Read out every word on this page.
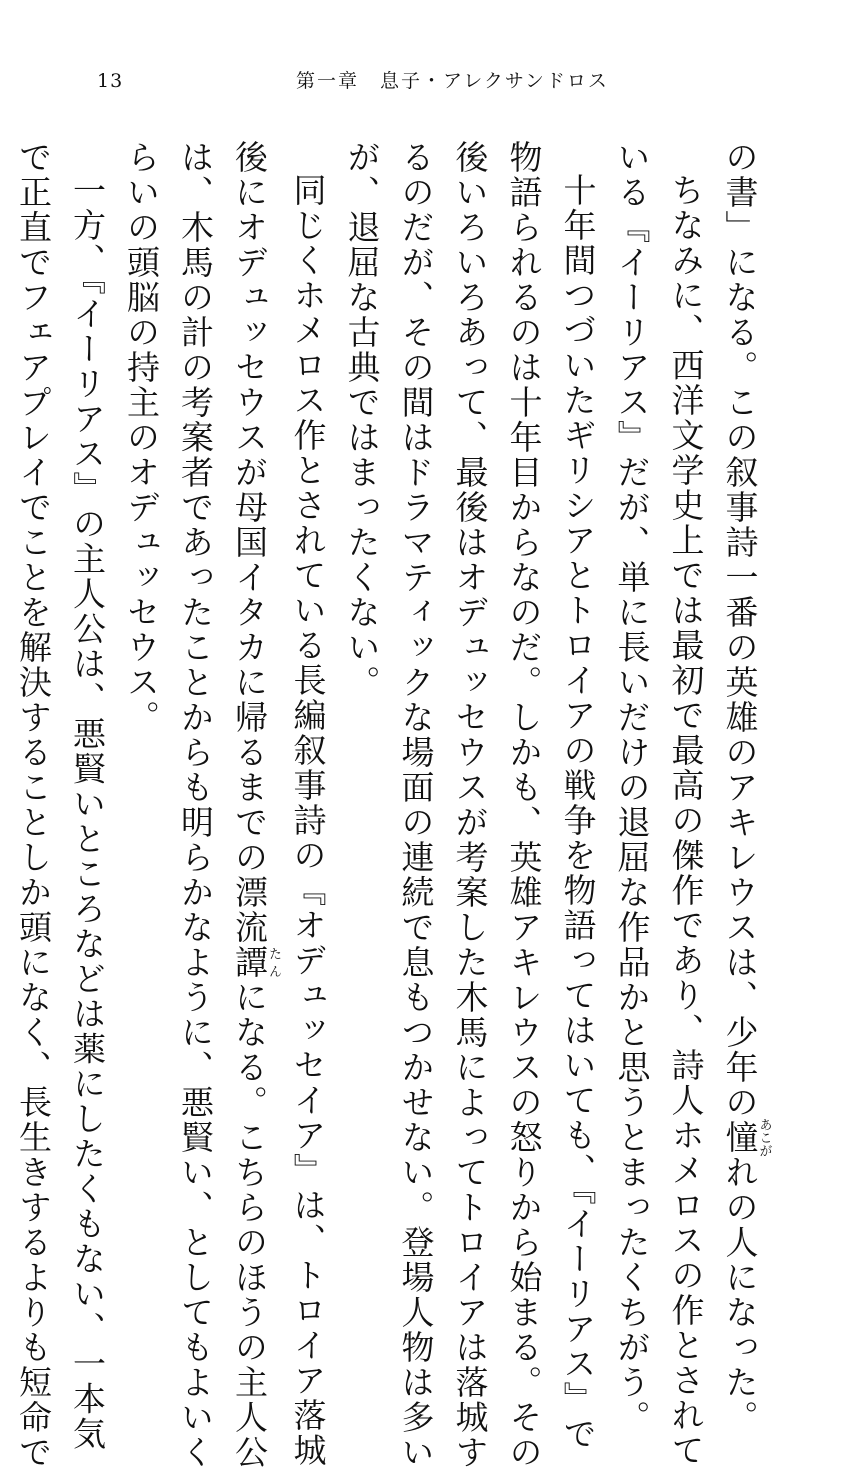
13	第一章　息子・アレクサンドロス
の書」になる。この叙事詩一番の英雄のアキレウスは、少年の憧あこがれの人になった。
ちなみに、西洋文学史上では最初で最高の傑作であり、詩人ホメロスの作とされて
いる『イーリアス』だが、単に長いだけの退屈な作品かと思うとまったくちがう。
十年間つづいたギリシアとトロイアの戦争を物語ってはいても、『イーリアス』で
物語られるのは十年目からなのだ。しかも、英雄アキレウスの怒りから始まる。その
後いろいろあって、最後はオデュッセウスが考案した木馬によってトロイアは落城す
るのだが、その間はドラマティックな場面の連続で息もつかせない。登場人物は多い
が、退屈な古典ではまったくない。
同じくホメロス作とされている長編叙事詩の『オデュッセイア』は、トロイア落城
後にオデュッセウスが母国イタカに帰るまでの漂流譚たんになる。こちらのほうの主人公
は、木馬の計の考案者であったことからも明らかなように、悪賢い、としてもよいく
らいの頭脳の持主のオデュッセウス。
一方、『イーリアス』の主人公は、悪賢いところなどは薬にしたくもない、一本気
で正直でフェアプレイでことを解決することしか頭になく、長生きするよりも短命で
